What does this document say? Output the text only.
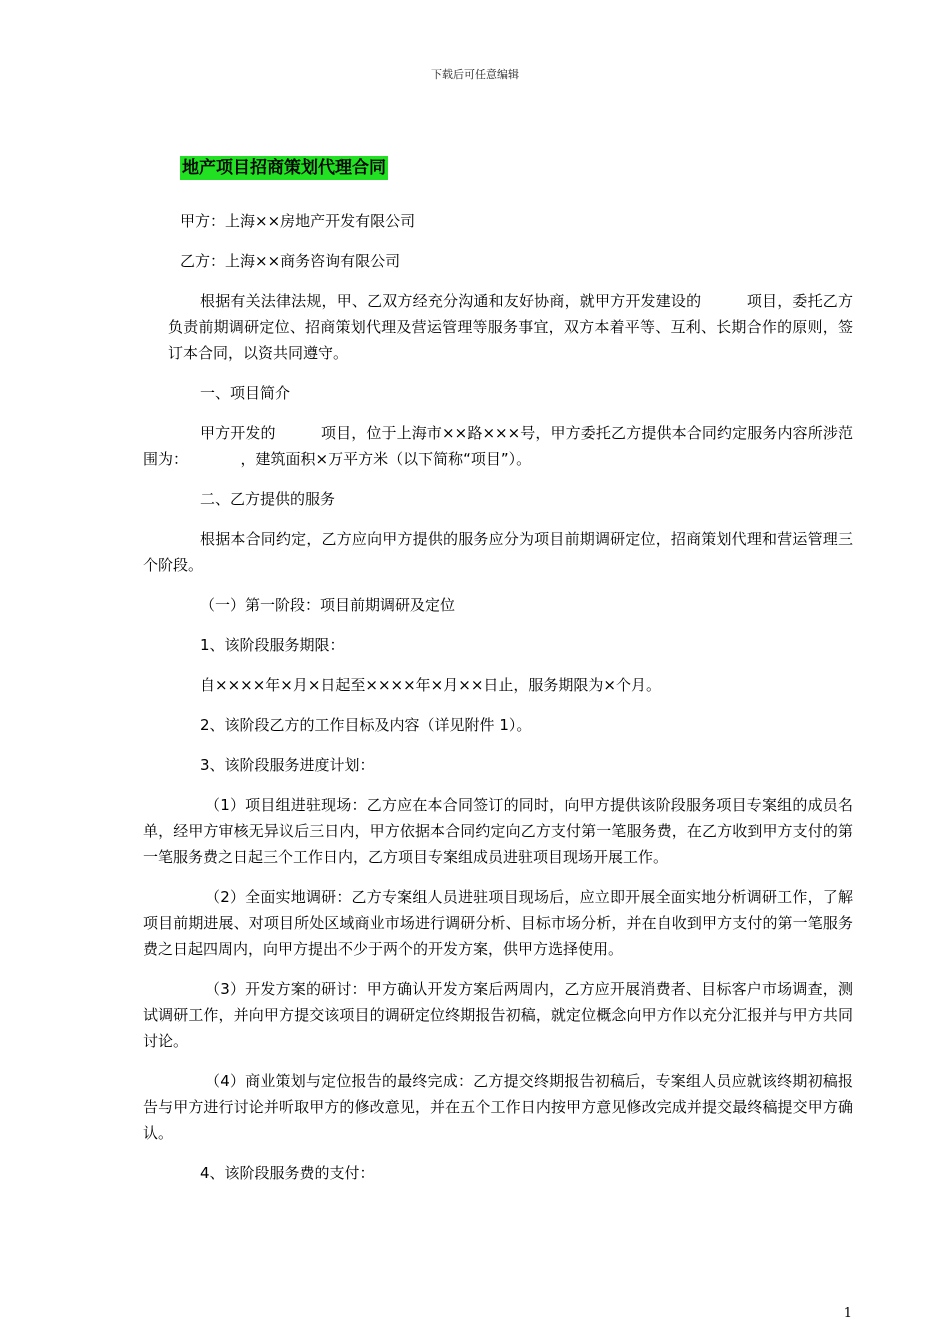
下载后可任意编辑
地产项目招商策划代理合同

甲方：上海××房地产开发有限公司

乙方：上海××商务咨询有限公司

根据有关法律法规，甲、乙双方经充分沟通和友好协商，就甲方开发建设的　　　项目，委托乙方负责前期调研定位、招商策划代理及营运管理等服务事宜，双方本着平等、互利、长期合作的原则，签订本合同，以资共同遵守。

一、项目简介

甲方开发的　　　项目，位于上海市××路×××号，甲方委托乙方提供本合同约定服务内容所涉范围为：　　　　，建筑面积×万平方米（以下简称“项目”）。

二、乙方提供的服务

根据本合同约定，乙方应向甲方提供的服务应分为项目前期调研定位，招商策划代理和营运管理三个阶段。

（一）第一阶段：项目前期调研及定位

1、该阶段服务期限：

自××××年×月×日起至××××年×月××日止，服务期限为×个月。

2、该阶段乙方的工作目标及内容（详见附件 1）。

3、该阶段服务进度计划：

（1）项目组进驻现场：乙方应在本合同签订的同时，向甲方提供该阶段服务项目专案组的成员名单，经甲方审核无异议后三日内，甲方依据本合同约定向乙方支付第一笔服务费，在乙方收到甲方支付的第一笔服务费之日起三个工作日内，乙方项目专案组成员进驻项目现场开展工作。

（2）全面实地调研：乙方专案组人员进驻项目现场后，应立即开展全面实地分析调研工作，了解项目前期进展、对项目所处区域商业市场进行调研分析、目标市场分析，并在自收到甲方支付的第一笔服务费之日起四周内，向甲方提出不少于两个的开发方案，供甲方选择使用。

（3）开发方案的研讨：甲方确认开发方案后两周内，乙方应开展消费者、目标客户市场调查，测试调研工作，并向甲方提交该项目的调研定位终期报告初稿，就定位概念向甲方作以充分汇报并与甲方共同讨论。

（4）商业策划与定位报告的最终完成：乙方提交终期报告初稿后，专案组人员应就该终期初稿报告与甲方进行讨论并听取甲方的修改意见，并在五个工作日内按甲方意见修改完成并提交最终稿提交甲方确认。

4、该阶段服务费的支付：

1
